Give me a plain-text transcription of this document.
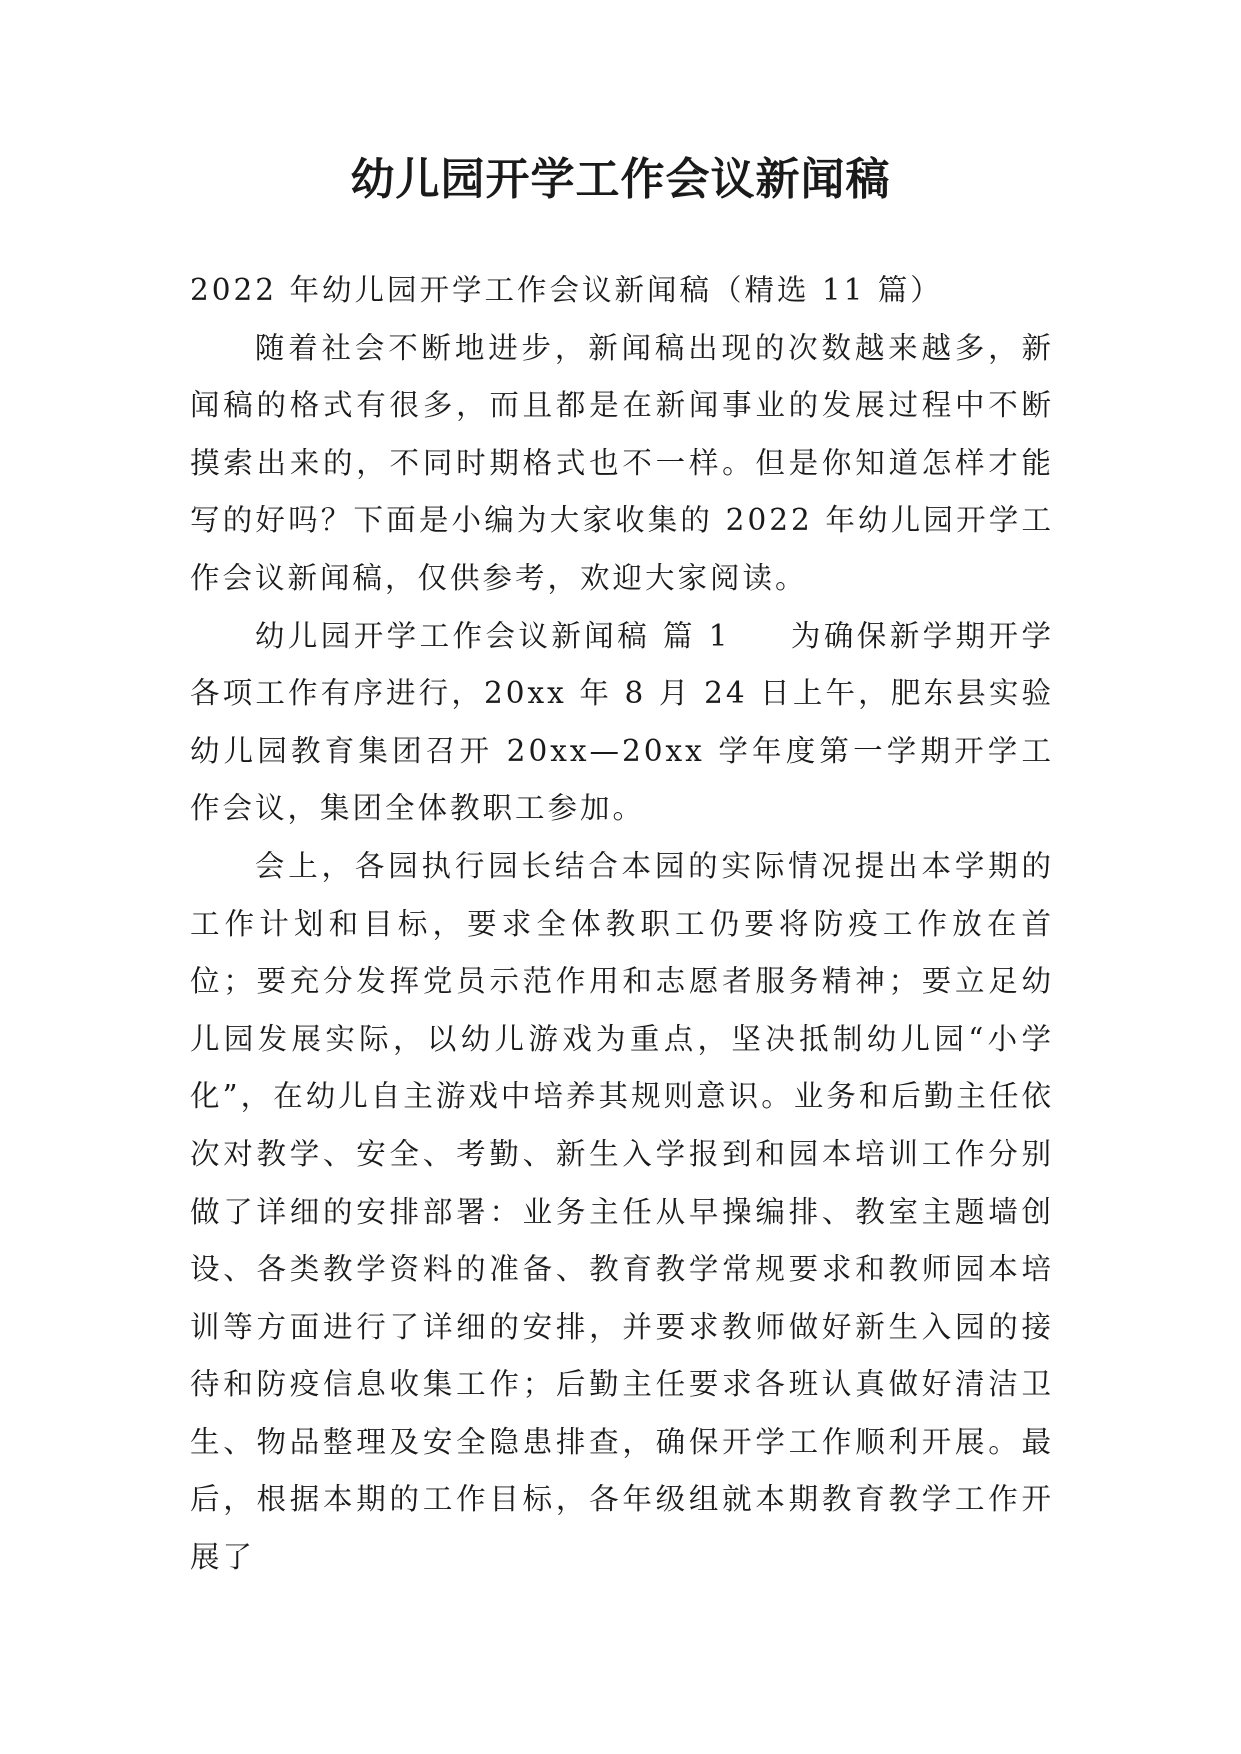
幼儿园开学工作会议新闻稿

2022 年幼儿园开学工作会议新闻稿（精选 11 篇）

随着社会不断地进步，新闻稿出现的次数越来越多，新闻稿的格式有很多，而且都是在新闻事业的发展过程中不断摸索出来的，不同时期格式也不一样。但是你知道怎样才能写的好吗？下面是小编为大家收集的 2022 年幼儿园开学工作会议新闻稿，仅供参考，欢迎大家阅读。

幼儿园开学工作会议新闻稿 篇 1 为确保新学期开学各项工作有序进行，20xx 年 8 月 24 日上午，肥东县实验幼儿园教育集团召开 20xx—20xx 学年度第一学期开学工作会议，集团全体教职工参加。

会上，各园执行园长结合本园的实际情况提出本学期的工作计划和目标，要求全体教职工仍要将防疫工作放在首位；要充分发挥党员示范作用和志愿者服务精神；要立足幼儿园发展实际，以幼儿游戏为重点，坚决抵制幼儿园“小学化”，在幼儿自主游戏中培养其规则意识。业务和后勤主任依次对教学、安全、考勤、新生入学报到和园本培训工作分别做了详细的安排部署：业务主任从早操编排、教室主题墙创设、各类教学资料的准备、教育教学常规要求和教师园本培训等方面进行了详细的安排，并要求教师做好新生入园的接待和防疫信息收集工作；后勤主任要求各班认真做好清洁卫生、物品整理及安全隐患排查，确保开学工作顺利开展。最后，根据本期的工作目标，各年级组就本期教育教学工作开展了
